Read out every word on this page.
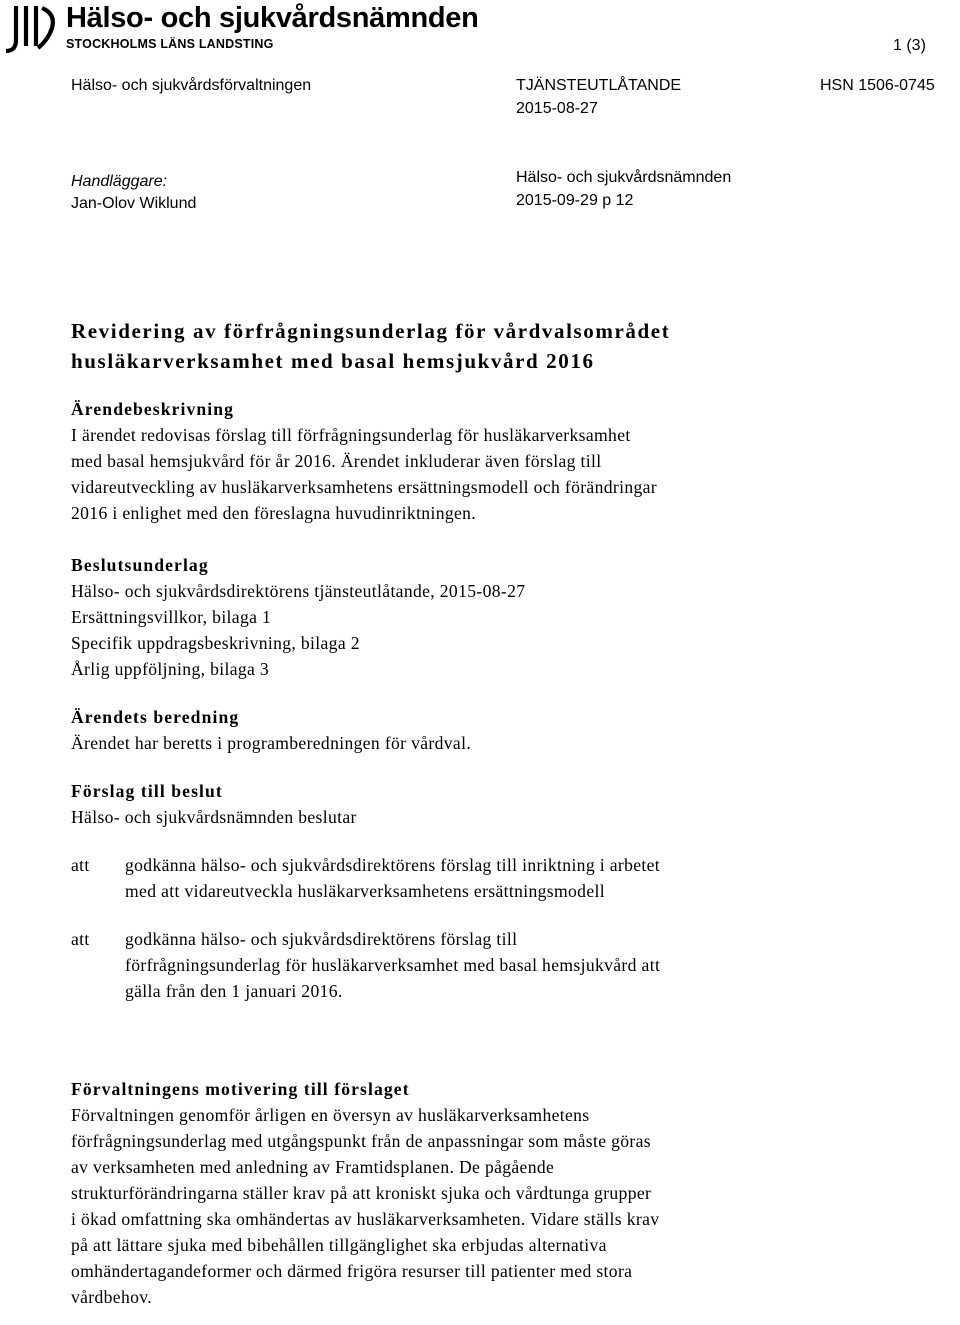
Hälso- och sjukvårdsnämnden
STOCKHOLMS LÄNS LANDSTING	1 (3)
Hälso- och sjukvårdsförvaltningen	TJÄNSTEUTLÅTANDE
2015-08-27
HSN 1506-0745
Handläggare:
Jan-Olov Wiklund
Hälso- och sjukvårdsnämnden
2015-09-29 p 12

Revidering av förfrågningsunderlag för vårdvalsområdet

husläkarverksamhet med basal hemsjukvård 2016

Ärendebeskrivning

I ärendet redovisas förslag till förfrågningsunderlag för husläkarverksamhet

med basal hemsjukvård för år 2016. Ärendet inkluderar även förslag till

vidareutveckling av husläkarverksamhetens ersättningsmodell och förändringar

2016 i enlighet med den föreslagna huvudinriktningen.

Beslutsunderlag

Hälso- och sjukvårdsdirektörens tjänsteutlåtande, 2015-08-27

Ersättningsvillkor, bilaga 1

Specifik uppdragsbeskrivning, bilaga 2

Årlig uppföljning, bilaga 3

Ärendets beredning

Ärendet har beretts i programberedningen för vårdval.

Förslag till beslut

Hälso- och sjukvårdsnämnden beslutar

att	godkänna hälso- och sjukvårdsdirektörens förslag till inriktning i arbetet

med att vidareutveckla husläkarverksamhetens ersättningsmodell

att	godkänna hälso- och sjukvårdsdirektörens förslag till

förfrågningsunderlag för husläkarverksamhet med basal hemsjukvård att

gälla från den 1 januari 2016.

Förvaltningens motivering till förslaget

Förvaltningen genomför årligen en översyn av husläkarverksamhetens

förfrågningsunderlag med utgångspunkt från de anpassningar som måste göras

av verksamheten med anledning av Framtidsplanen. De pågående

strukturförändringarna ställer krav på att kroniskt sjuka och vårdtunga grupper

i ökad omfattning ska omhändertas av husläkarverksamheten. Vidare ställs krav

på att lättare sjuka med bibehållen tillgänglighet ska erbjudas alternativa

omhändertagandeformer och därmed frigöra resurser till patienter med stora

vårdbehov.
